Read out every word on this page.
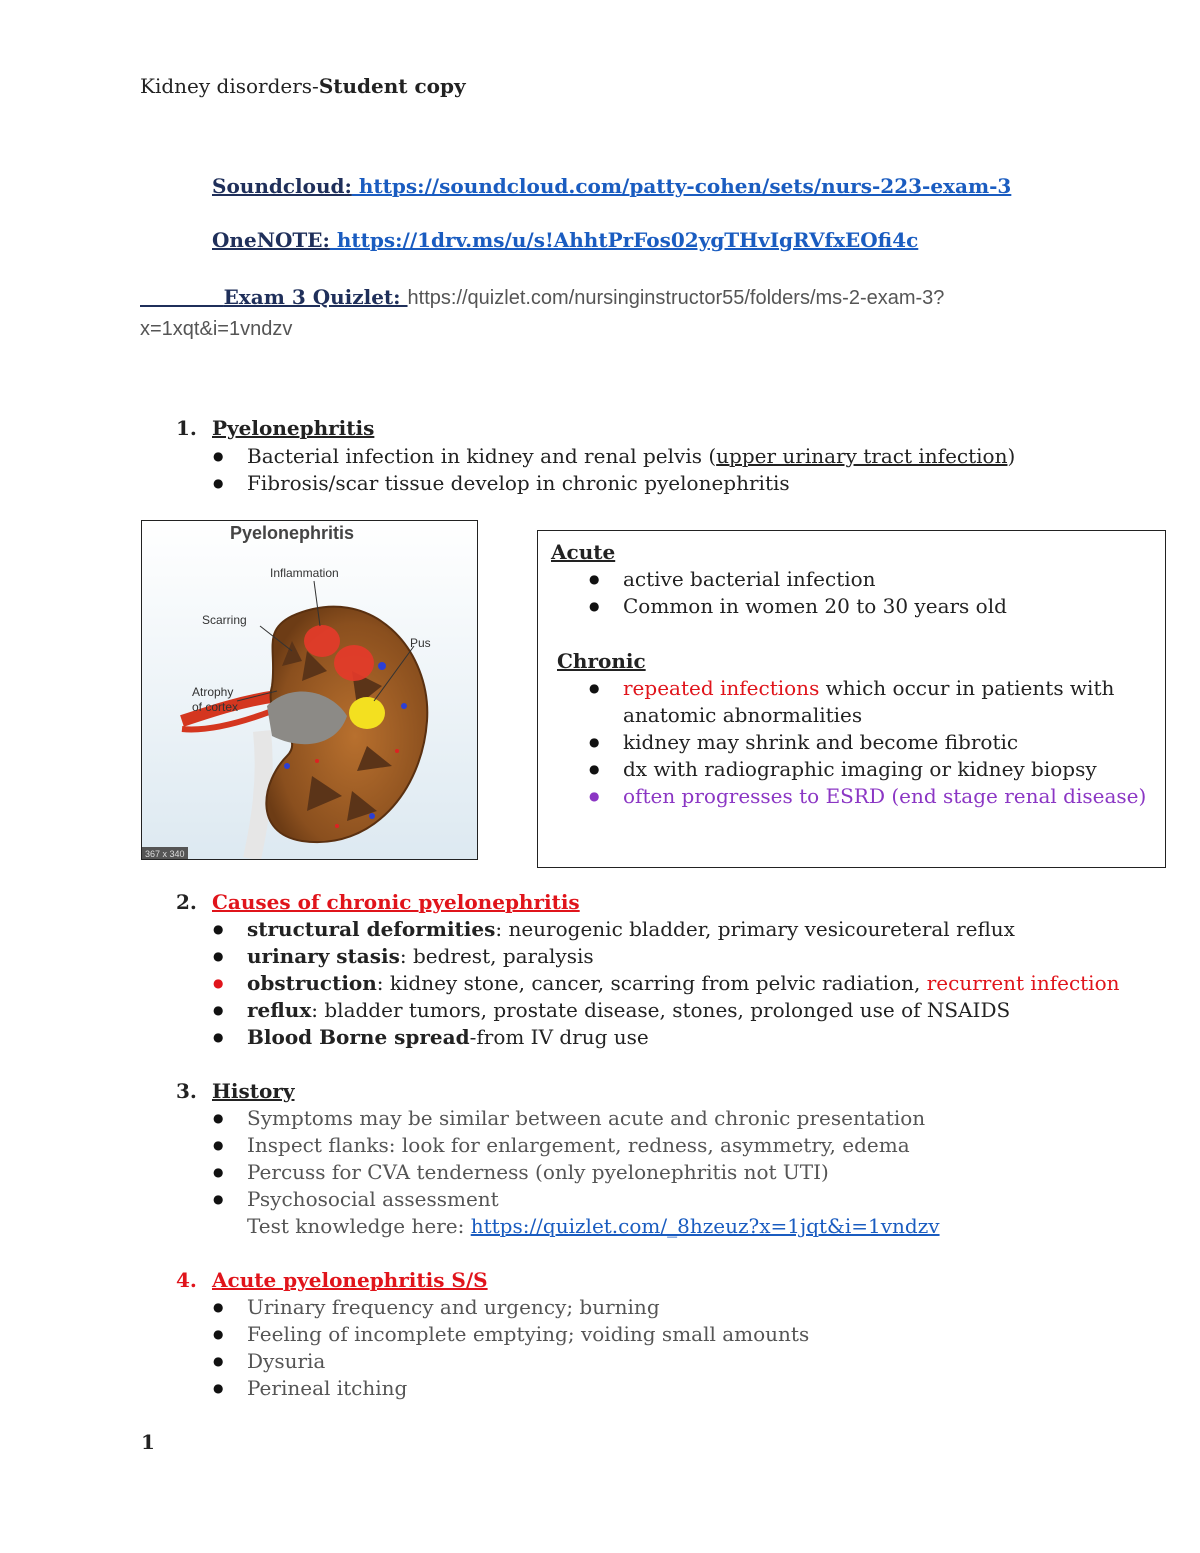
Kidney disorders-Student copy
Soundcloud: https://soundcloud.com/patty-cohen/sets/nurs-223-exam-3
OneNOTE: https://1drv.ms/u/s!AhhtPrFos02ygTHvIgRVfxEOfi4c
Exam 3 Quizlet: https://quizlet.com/nursinginstructor55/folders/ms-2-exam-3?
x=1xqt&i=1vndzv
1. Pyelonephritis
● Bacterial infection in kidney and renal pelvis (upper urinary tract infection)
● Fibrosis/scar tissue develop in chronic pyelonephritis
Pyelonephritis
Inflammation
Scarring
Pus
Atrophy
of cortex
367 x 340
Acute
● active bacterial infection
● Common in women 20 to 30 years old
Chronic
● repeated infections which occur in patients with
anatomic abnormalities
● kidney may shrink and become fibrotic
● dx with radiographic imaging or kidney biopsy
● often progresses to ESRD (end stage renal disease)
2. Causes of chronic pyelonephritis
● structural deformities: neurogenic bladder, primary vesicoureteral reflux
● urinary stasis: bedrest, paralysis
● obstruction: kidney stone, cancer, scarring from pelvic radiation, recurrent infection
● reflux: bladder tumors, prostate disease, stones, prolonged use of NSAIDS
● Blood Borne spread-from IV drug use
3. History
● Symptoms may be similar between acute and chronic presentation
● Inspect flanks: look for enlargement, redness, asymmetry, edema
● Percuss for CVA tenderness (only pyelonephritis not UTI)
● Psychosocial assessment
Test knowledge here: https://quizlet.com/_8hzeuz?x=1jqt&i=1vndzv
4. Acute pyelonephritis S/S
● Urinary frequency and urgency; burning
● Feeling of incomplete emptying; voiding small amounts
● Dysuria
● Perineal itching
1
